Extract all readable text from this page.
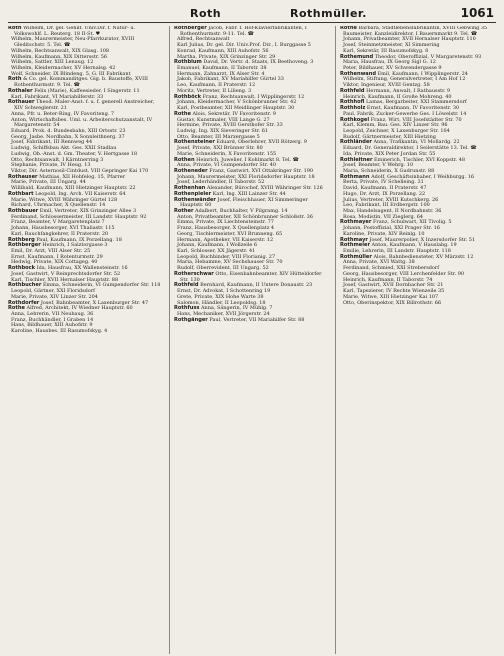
Roth	Rothmüller.	1061
Roth Wilhelm, Dr. gel. Gehilf. Univ.Dir. f. Natur- u. Volkswohlf. L. Reuterg. 18 II-St. ♥
Wilhelm, Maurermeister, Neu-Pfarrkurator, XVIII Gleditschstr. 5. Tel. ☎
Wilhelm, Rechtsanwalt, XIX Glasg. 108
Wilhelm, Kaufmann, XIX Dittersstr. 56
Wilhelm, Sattler, XIII Lenaug. 12
Wilhelm, Kleidermacher, XV Hernalsg. 42
Wolf, Schneider, IX Blindeng. 5, G. III Fabrikant
Roth & Co. gel. Kommanditges. Gig. b. Baustoffe, XVIII Rothenthurmstr. 9. Tel. ☎
Rothaler Felix (Marie), Kaffeesieder, I Singerstr. 11
Karl, Fabrikant, VI Mariahilferstr. 33
Rothauer Theod. Maler-Anst. f. u. f. generell Anstreicher, XIV Schweglerstr. 21
Anna, Pfr. u. Beter-Ring, IV Favoriteng. 7
Anton, Wirtschaftsbes. Uml. u. Arbeiterschutzanstalt, IV Margaretenstr. 54
Eduard, Prok. d. Bundesbahn, XIII Ortsstr. 23
Georg, Jasbe. Nordbahn, X Sonnleithnerg. 37
Josef, Fabrikant, III Rennweg 44
Ludwig, Schiffsbau Akt. Ges. XXII Stadlau
Ludwig, Ob.-Anst. d. Gm. Theater, V. Hertgasse 18
Otto, Rechtsanwalt, I Kärntnerring 3
Stephanie, Private, IV Heug. 13
Viktor, Dir. Asternosil-Cintdust. VIII Gepringer Kai 170
Rothauser Mathias, XII Hohfelog. 15, Pfarrer
Marie, Private, III Ungarg. 44
Willibald, Kaufmann, XIII Hietzinger Hauptstr. 22
Rothbart Leopold, Ing. Arch. VII Kaiserstr. 64
Marie, Witwe, XVIII Währinger Gürtel 128
Richard, Uhrmacher, X Quellenstr. 14
Rothbauer Emil, Vertreter, XIX Grinzinger Allee 3
Ferdinand, Schlossermeister, III Landstr. Hauptstr. 92
Franz, Beamter, V Margaretenplatz 7
Johann, Hausbesorger, XVI Thaliastr. 115
Karl, Rauchfangkehrer, II Praterstr. 20
Rothberg Paul, Kaufmann, IX Porzellang. 18
Rothberger Heinrich, I Salztorgasse 3
Emil, Dr. Arzt, VIII Alser Str. 25
Ernst, Kaufmann, I Rotenturmstr. 29
Hedwig, Private, XIX Cottageg. 40
Rothbock Ida, Hausfrau, XX Wallensteinstr. 16
Josef, Gastwirt, V Reinprechtsdorfer Str. 52
Karl, Tischler, XVII Hernalser Hauptstr. 88
Rothbucher Emma, Schneiderin, VI Gumpendorfer Str. 118
Leopold, Gärtner, XXI Floridsdorf
Marie, Private, XIV Linzer Str. 204
Rothdorfer Josef, Bahnbeamter, X Laxenburger Str. 47
Rothe Alfred, Architekt, IV Wiedner Hauptstr. 60
Anna, Lehrerin, VII Neubaug. 36
Franz, Buchhändler, I Graben 14
Hans, Bildhauer, XIII Auhofstr. 9
Karoline, Hausbes. III Rasumofskyg. 4
Rothberger Jacob, Fabr. f. Hof-Klavierfabrikanten, I Rothenthurmstr. 9-11. Tel. ☎
Alfred, Rechtsanwalt
Karl Julius, Dr. gel. Dir. Univ.Prof. Dir., I. Burggasse 5
Konrad, Kaufmann, XIII Auhofstr. 56
Martha, Private, XIX Grinzinger Str. 29
Rothblum David, Dr. Vertr. d. Staats, IX Beethoveng. 3
Emanuel, Kaufmann, II Taborstr. 38
Hermann, Zahnarzt, IX Alser Str. 4
Jakob, Fabrikant, XV Mariahilfer Gürtel 33
Leo, Kaufmann, II Praterstr. 12
Moritz, Vertreter, II Lilieng. 3
Rothböck Franz, Rechtsanwalt, I Wipplingerstr. 12
Johann, Kleidermacher, V Schönbrunner Str. 42
Karl, Postbeamter, XII Meidlinger Hauptstr. 30
Rothe Alois, Sekretär, IV Favoritenstr. 9
Gustav, Kunstmaler, VIII Lange G. 27
Hermine, Private, XVIII Gersthofer Str. 33
Ludwig, Ing. XIX Sieveringer Str. 61
Otto, Beamter, III Marxergasse 5
Rothensteiner Eduard, Oberlehrer, XVII Rötzerg. 9
Josef, Private, XXI Brünner Str. 80
Marie, Schneiderin, X Favoritenstr. 155
Rothen Heinrich, Juwelier, I Kohlmarkt 8. Tel. ☎
Anna, Private, VI Gumpendorfer Str. 40
Rotheneder Franz, Gastwirt, XVI Ottakringer Str. 190
Johann, Maurermeister, XXI Floridsdorfer Hauptstr. 18
Josef, Lederhändler, II Taborstr. 52
Rothenhan Alexander, Bürochef, XVIII Währinger Str. 126
Rothenpieler Karl, Ing. XIII Lainzer Str. 44
Rothenwänder Josef, Fleischhauer, XI Simmeringer Hauptstr. 60
Rother Adalbert, Buchhalter, V Pilgramg. 14
Anton, Privatbeamter, XII Schönbrunner Schloßstr. 36
Emma, Private, IX Liechtensteinstr. 77
Franz, Hausbesorger, X Quellenplatz 4
Georg, Tischlermeister, XVI Brunneng. 65
Hermann, Apotheker, VII Kaiserstr. 12
Johann, Kaufmann, I Wollzeile 6
Karl, Schlosser, XX Jägerstr. 41
Leopold, Buchbinder, VIII Florianig. 27
Maria, Hebamme, XV Sechshauser Str. 70
Rudolf, Oberrevident, III Ungarg. 52
Rotherschwar Otto, Eisenbahnbeamter, XIV Hütteldorfer Str. 130
Rothfeld Bernhard, Kaufmann, II Untere Donaustr. 23
Ernst, Dr. Advokat, I Schottenring 19
Grete, Private, XIX Hohe Warte 38
Salomon, Händler, II Leopoldsg. 18
Rothfuss Anna, Sängerin, IV Mühlg. 7
Hans, Mechaniker, XVII Jörgerstr. 24
Rothgänger Paul, Vertreter, VII Mariahilfer Str. 88
Rothe Barbara, Stadtlebensfabrikantin, XVIII Gebwing 35
Baumeister, Kanzleidirektor, I Bauernmarkt 9. Tel. ☎
Johann, Privatbeamter, XVII Hernalser Hauptstr. 110
Josef, Steinmetzmeister, XI Simmering
Karl, Sekretär, III Rasumofskyg. 8
Rothemund Theodor, Oberoffizial, V Margaretenstr. 93
Maria, Hausfrau, IX Georg Sigl G. 12
Peter, Bildhauer, XV Schwendergasse 9
Rothenwand Emil, Kaufmann, I Wipplingerstr. 24
Wilhelm, Stiftung, Generalvertreter, I Am Hof 12
Viktor, Ingenieur, XVIII Gentzg. 58
Rothfeld Hermann, Anwalt, I Rathausstr. 9
Heinrich, Kaufmann, II Große Mohreng. 40
Rothhofl Lamas, Bergarbeiter, XXI Stammersdorf
Rothholz Ernst, Kaufmann, IV Favoritenstr. 30
Paul, Fabrik, Zucker-Gewerbe Ges. I Löwelstr. 14
Rothkogel Franz, Wirt, VIII Josefstädter Str. 70
Karl, Klemm, Bau. Ges. XIV Linzer Str. 96
Leopold, Zeichner, X Laxenburger Str. 104
Rudolf, Gärtnermeister, XIII Hietzing
Rothländer Anna, Trafikantin, VI Mollardg. 22
Eduard, Dr. Generaldirektor, I Seilerstätte 13. Tel. ☎
Ida, Private, XIX Peter Jordan Str. 55
Rothleitner Emmerich, Tischler, XVI Koppstr. 48
Josef, Beamter, V Wehrg. 10
Maria, Schneiderin, X Gudrunstr. 88
Rothmann Adolf, Geschäftsinhaber, I Weihburgg. 16
Berta, Private, IV Schelleing. 31
David, Kaufmann, II Praterstr. 47
Hugo, Dr. Arzt, IX Porzellang. 22
Julius, Vertreter, XVIII Kutschkerg. 26
Leo, Fabrikant, III Erdbergstr. 100
Max, Handelsagent, II Nordbahnstr. 36
Rosa, Modistin, VII Zieglerg. 64
Rothmayer Franz, Schulwart, XII Tivolig. 5
Johann, Postoffizial, XXI Prager Str. 16
Karoline, Private, XIV Reinlg. 10
Rothmayr Josef, Maurerpolier, X Inzersdorfer Str. 51
Rothmeier Anton, Kaufmann, V Hauslabg. 19
Emilie, Lehrerin, III Landstr. Hauptstr. 118
Rothmüller Alois, Bahnbediensteter, XV Märzstr. 12
Anna, Private, XVI Wattg. 38
Ferdinand, Schmied, XXI Strebersdorf
Georg, Hausbesorger, VIII Lerchenfelder Str. 90
Heinrich, Kaufmann, II Taborstr. 74
Josef, Gastwirt, XVII Dornbacher Str. 21
Karl, Tapezierer, IV Rechte Wienzeile 35
Marie, Witwe, XIII Hietzinger Kai 107
Otto, Oberinspektor, XIX Billrothstr. 66
